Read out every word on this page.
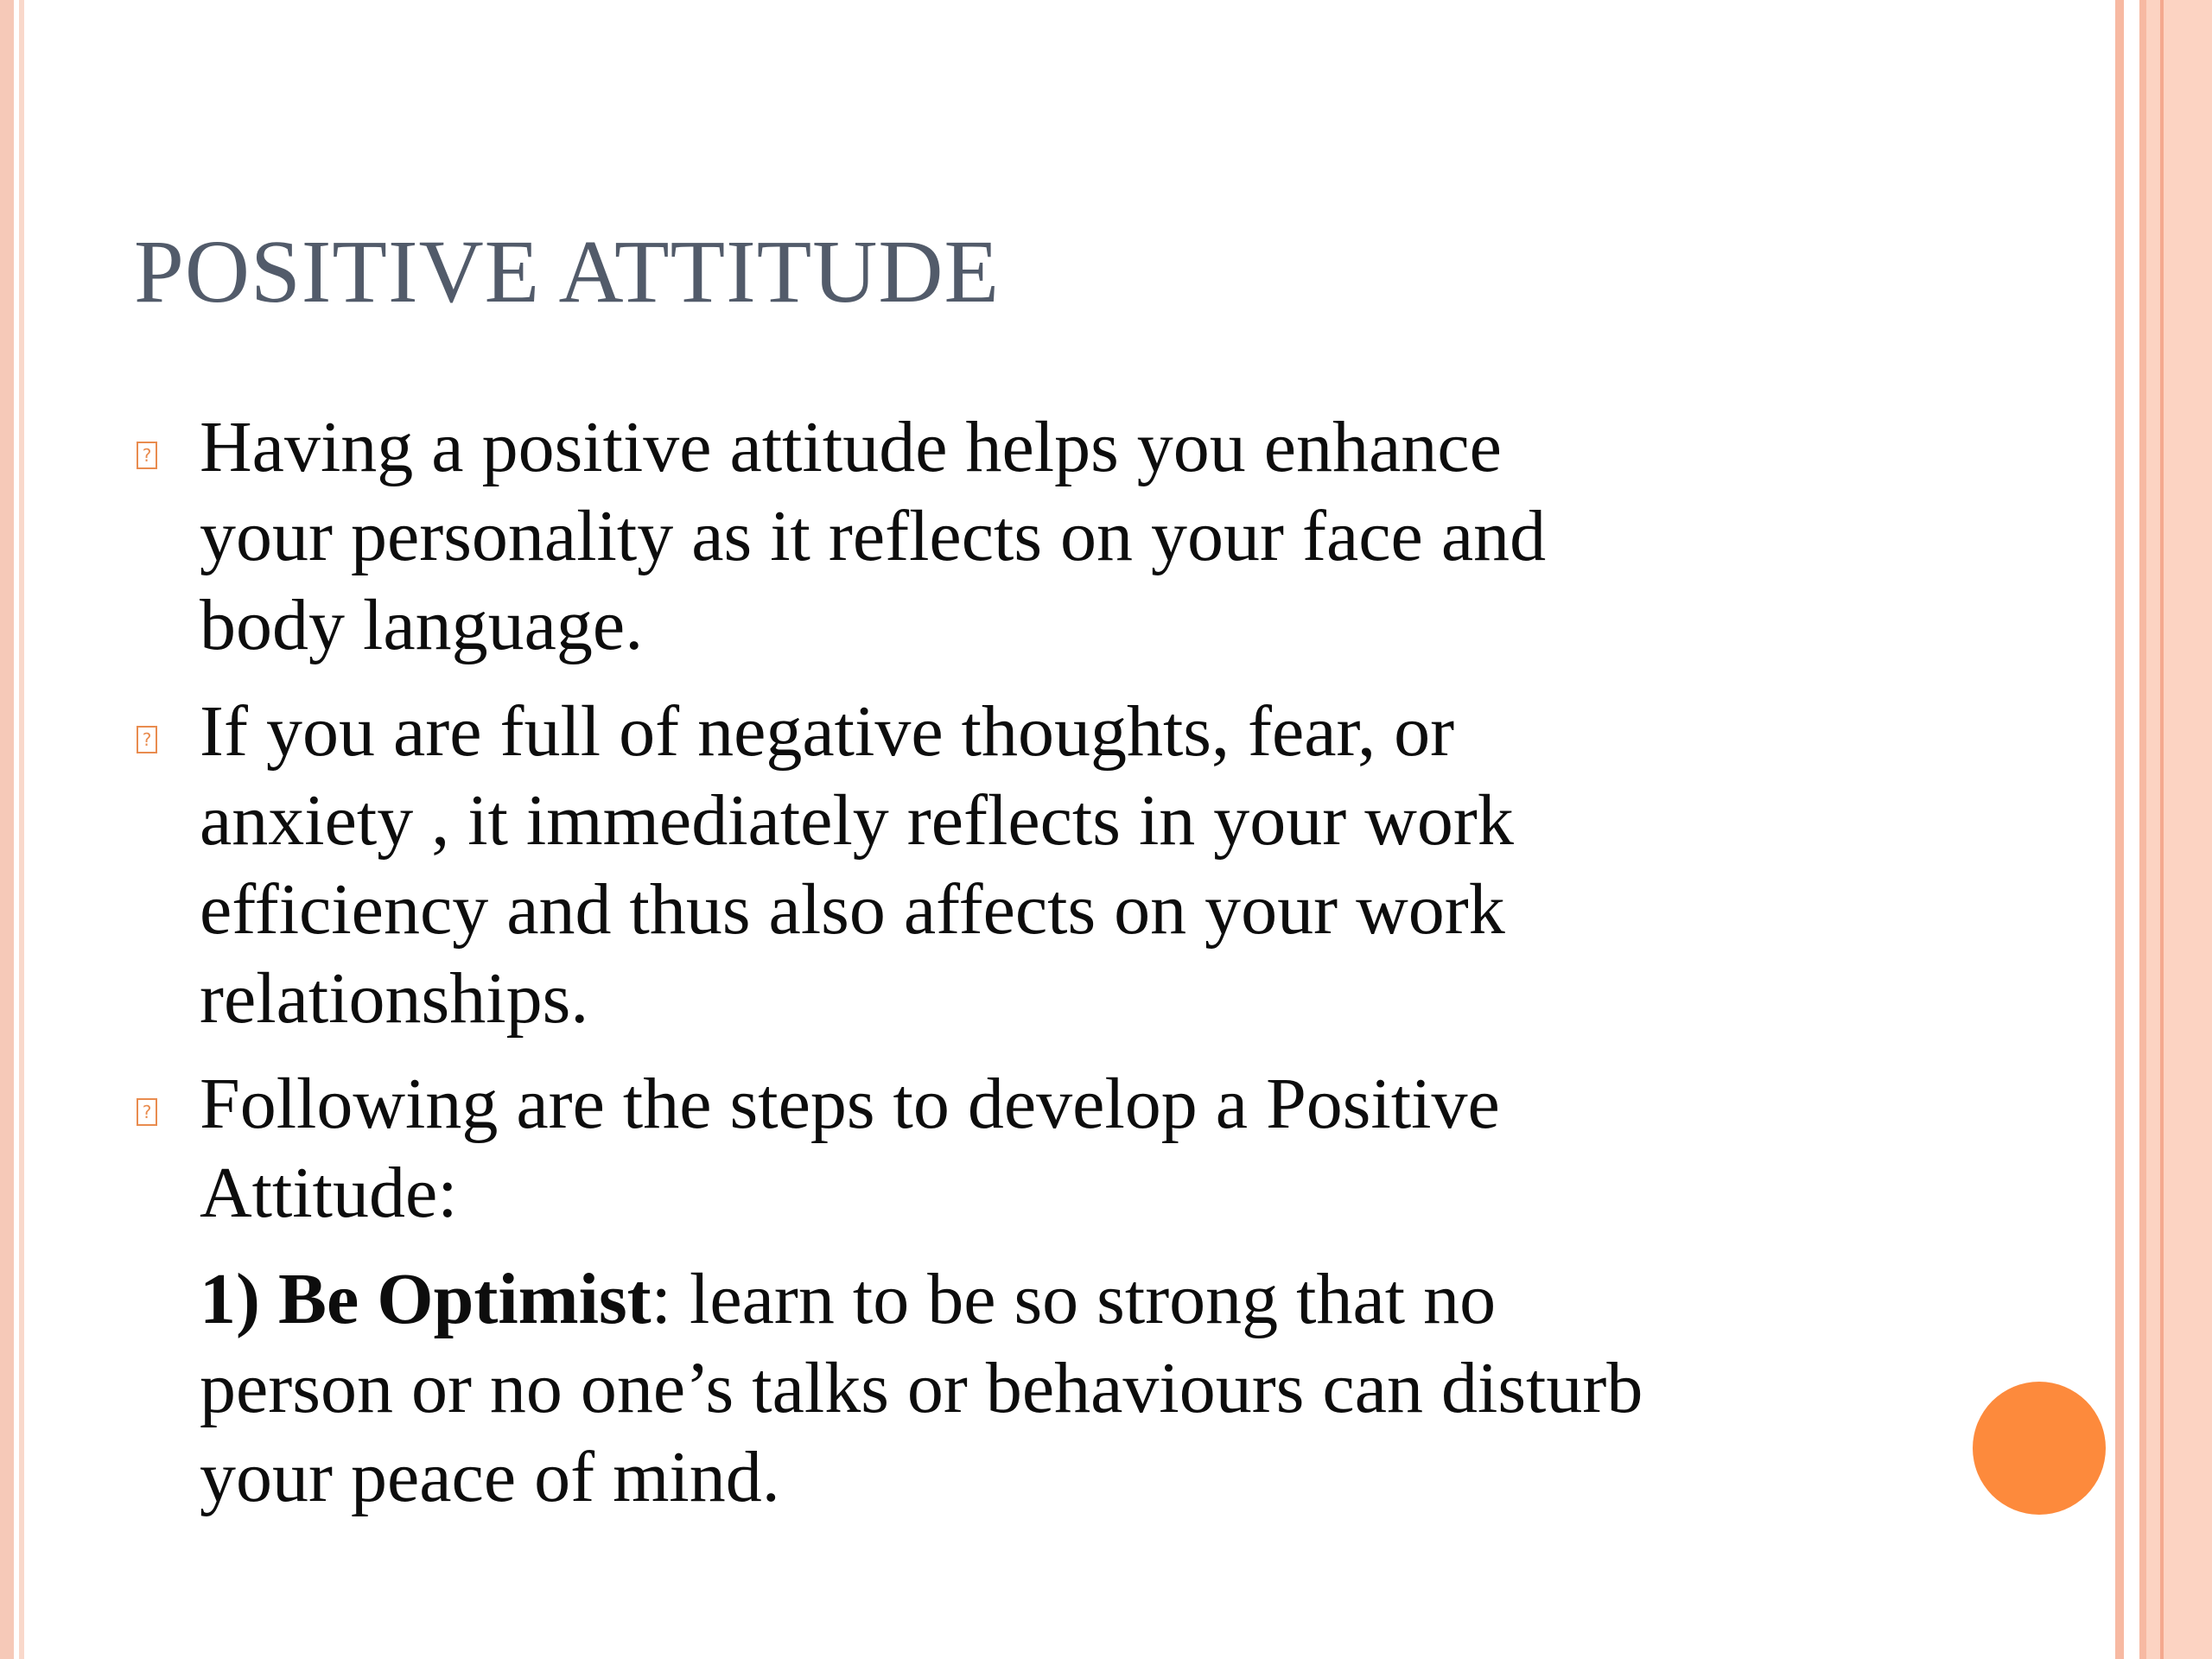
POSITIVE ATTITUDE
? Having a positive attitude helps you enhance
your personality as it reflects on your face and
body language.

? If you are full of negative thoughts, fear, or
anxiety , it immediately reflects in your work
efficiency and thus also affects on your work
relationships.

? Following are the steps to develop a Positive
Attitude:

1) Be Optimist: learn to be so strong that no
person or no one’s talks or behaviours can disturb
your peace of mind.
